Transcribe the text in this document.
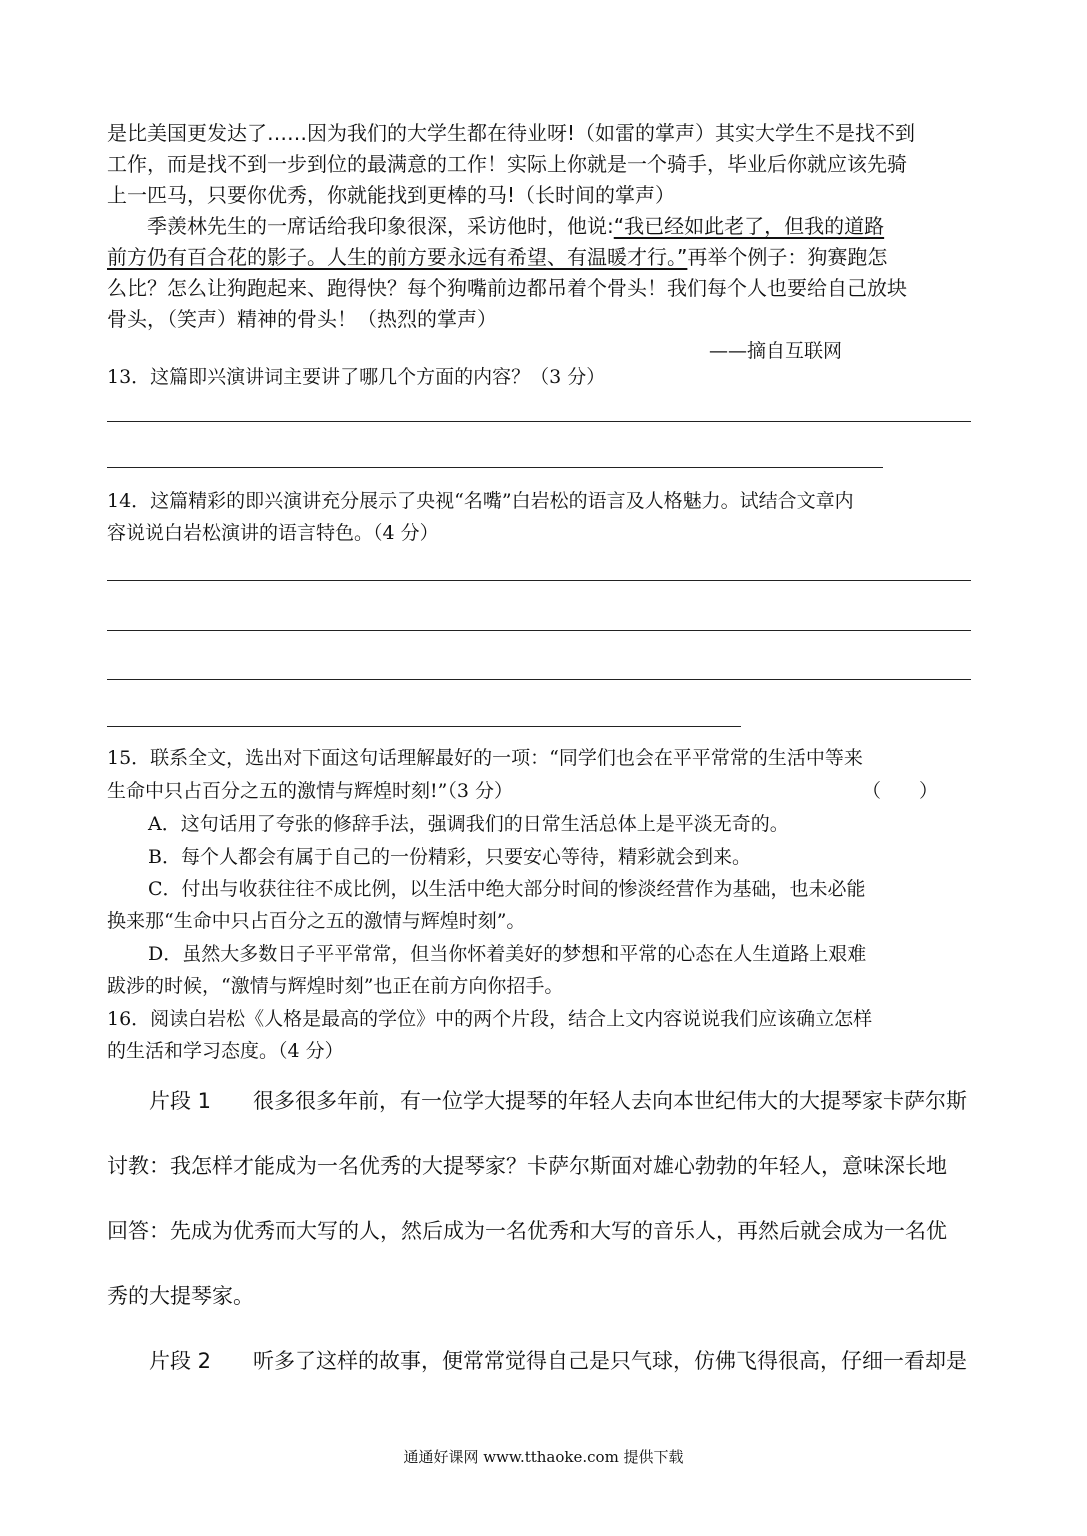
是比美国更发达了……因为我们的大学生都在待业呀!（如雷的掌声）其实大学生不是找不到
工作，而是找不到一步到位的最满意的工作！实际上你就是一个骑手，毕业后你就应该先骑
上一匹马，只要你优秀，你就能找到更棒的马!（长时间的掌声）
　　季羡林先生的一席话给我印象很深，采访他时，他说:“我已经如此老了，但我的道路
前方仍有百合花的影子。人生的前方要永远有希望、有温暖才行。”再举个例子：狗赛跑怎
么比？怎么让狗跑起来、跑得快？每个狗嘴前边都吊着个骨头！我们每个人也要给自己放块
骨头，（笑声）精神的骨头！（热烈的掌声）
——摘自互联网
13．这篇即兴演讲词主要讲了哪几个方面的内容？（3 分）
14．这篇精彩的即兴演讲充分展示了央视“名嘴”白岩松的语言及人格魅力。试结合文章内
容说说白岩松演讲的语言特色。（4 分）
15．联系全文，选出对下面这句话理解最好的一项：“同学们也会在平平常常的生活中等来
生命中只占百分之五的激情与辉煌时刻!”（3 分）	（　　）
A．这句话用了夸张的修辞手法，强调我们的日常生活总体上是平淡无奇的。
B．每个人都会有属于自己的一份精彩，只要安心等待，精彩就会到来。
C．付出与收获往往不成比例，以生活中绝大部分时间的惨淡经营作为基础，也未必能
换来那“生命中只占百分之五的激情与辉煌时刻”。
D．虽然大多数日子平平常常，但当你怀着美好的梦想和平常的心态在人生道路上艰难
跋涉的时候，“激情与辉煌时刻”也正在前方向你招手。
16．阅读白岩松《人格是最高的学位》中的两个片段，结合上文内容说说我们应该确立怎样
的生活和学习态度。（4 分）
　　片段 1　　很多很多年前，有一位学大提琴的年轻人去向本世纪伟大的大提琴家卡萨尔斯
讨教：我怎样才能成为一名优秀的大提琴家？卡萨尔斯面对雄心勃勃的年轻人，意味深长地
回答：先成为优秀而大写的人，然后成为一名优秀和大写的音乐人，再然后就会成为一名优
秀的大提琴家。
　　片段 2　　听多了这样的故事，便常常觉得自己是只气球，仿佛飞得很高，仔细一看却是
通通好课网 www.tthaoke.com 提供下载
